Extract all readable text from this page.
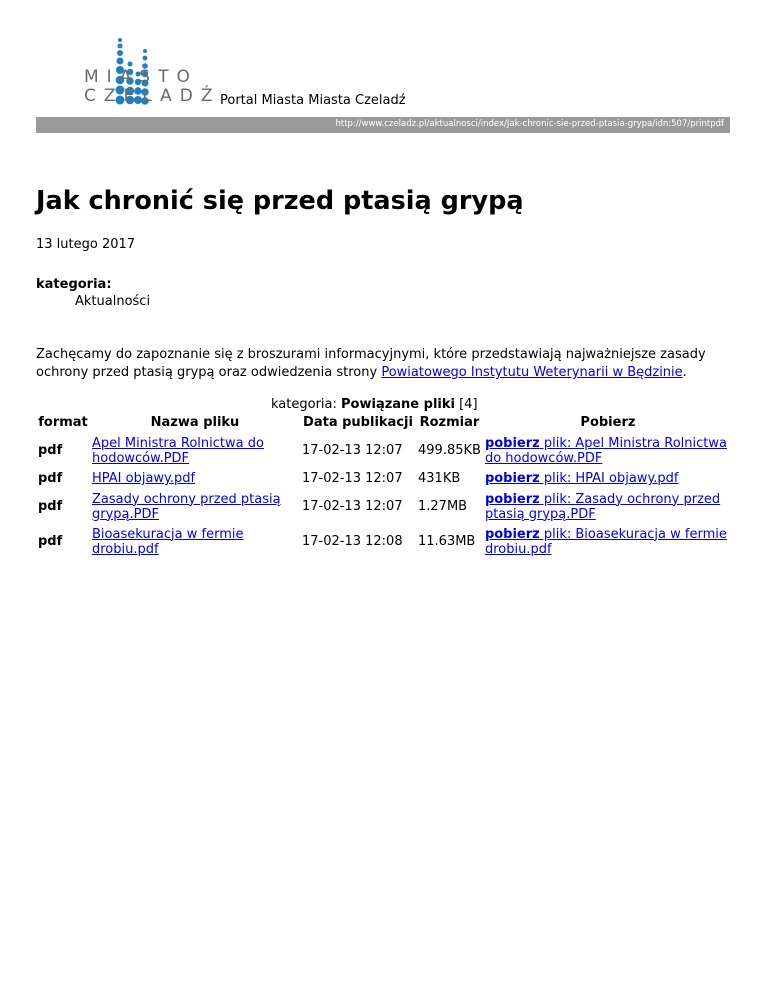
MIASTO
CZELADŹ Portal Miasta Miasta Czeladź
http://www.czeladz.pl/aktualnosci/index/Jak-chronic-sie-przed-ptasia-grypa/idn:507/printpdf
Jak chronić się przed ptasią grypą
13 lutego 2017
kategoria:
Aktualności
Zachęcamy do zapoznanie się z broszurami informacyjnymi, które przedstawiają najważniejsze zasady ochrony przed ptasią grypą oraz odwiedzenia strony Powiatowego Instytutu Weterynarii w Będzinie.
kategoria: Powiązane pliki [4]
format	Nazwa pliku	Data publikacji	Rozmiar	Pobierz
pdf	Apel Ministra Rolnictwa do hodowców.PDF	17-02-13 12:07	499.85KB	pobierz plik: Apel Ministra Rolnictwa do hodowców.PDF
pdf	HPAI objawy.pdf	17-02-13 12:07	431KB	pobierz plik: HPAI objawy.pdf
pdf	Zasady ochrony przed ptasią grypą.PDF	17-02-13 12:07	1.27MB	pobierz plik: Zasady ochrony przed ptasią grypą.PDF
pdf	Bioasekuracja w fermie drobiu.pdf	17-02-13 12:08	11.63MB	pobierz plik: Bioasekuracja w fermie drobiu.pdf
